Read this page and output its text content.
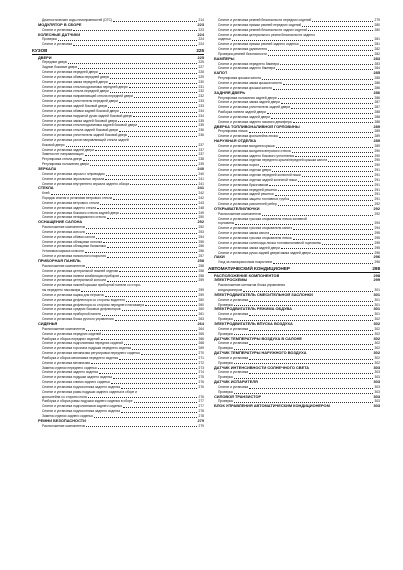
Диагностические коды неисправностей (DTC)	214
МОДУЛЯТОР В СБОРЕ	223
Снятие и установка	223
КОЛЕСНЫЕ ДАТЧИКИ	224
Проверка	224
Снятие и установка	224
КУЗОВ	225
ДВЕРИ	225
Передние двери	225
Задние боковые двери	227
Снятие и установка передней двери	228
Снятие и установка обивки передней двери	229
Снятие и установка замка передней двери	230
Снятие и установка стеклоподъемника передней двери	231
Снятие и установка стекла передней двери	232
Снятие и установка направляющей стекла передней двери	232
Снятие и установка уплотнителя передней двери	233
Снятие и установка задней боковой двери	233
Снятие и установка обивки задней боковой двери	234
Снятие и установка наружной ручки задней боковой двери	234
Снятие и установка замка задней боковой двери	235
Снятие и установка стеклоподъемника задней боковой двери	235
Снятие и установка стекла задней боковой двери	236
Снятие и установка уплотнителя задней боковой двери	236
Снятие и установка узлов направляющей стекла задней
боковой двери	237
Снятие и установка задней двери	237
Замена нет направляющих	237
Регулировка стекла двери	238
Регулировка положения двери	239
ЗЕРКАЛА	240
Снятие и установка зеркал с э/приводом	240
Снятие и установка зеркальных зеркала	241
Снятие и установка внутреннего зеркала заднего обзора	241
СТЕКЛА	241
Клей	242
Порядок снятия и установки ветрового стекла	242
Снятие и установка ветрового стекла	243
Снятие и установка заднего стекла	248
Снятие и установка бокового стекла задней двери	249
Снятие и установка неподвижного стекла	250
ОСНАЩЕНИЕ САЛОНА	252
Расположение компонентов	252
Снятие и установка консоли	253
Снятие и установка обивок салона	254
Снятие и установка облицовки потолка	255
Снятие и установка облицовки багажника	256
Установка каркаса консоли	256
Снятие и установка напольного покрытия	257
ПРИБОРНАЯ ПАНЕЛЬ	258
Расположение компонентов	258
Снятие и установка центральной нижней отделки	258
Снятие и установка панели комбинации приборов	258
Снятие и установка центральной консоли	259
Снятие и установка нижней крышки приборной панели со сторо-
ны переднего пассажира	259
Снятие и установка ящика для перчаток	259
Снятие и установка дефлектора со стороны водителя	260
Снятие и установка дефлектора со стороны переднего пассажира	260
Снятие и установка средних боковых дефлекторов	260
Снятие и установка приборной панели	261
Снятие и установка блока ручного управления	263
СИДЕНЬЯ	264
Расположение компонентов	264
Снятие и установка передних сидений	265
Разборка и сборка передних сидений	266
Снятие и установка подголовника передних сидений	268
Снятие и установка торсиона подушки переднего сиденья	269
Снятие и установка механизма регулировки переднего сиденья	270
Разборка и сборка механизма переднего сиденья	271
Снятие и установка механизма	272
Замена отделки переднего сиденья	273
Снятие и установка заднего сиденья	274
Снятие и установка подушки заднего сиденья	275
Снятие и установка спинки заднего сиденья	276
Снятие и установка подлокотника заднего сиденья	276
Снятие и установка рамы подушки заднего сиденья в сборе и
кронштейна со стороны пола	276
Разборка и сборка рамы подушки заднего сиденья в сборе	277
Снятие и установка подголовников заднего сиденья	277
Снятие и установка подлокотника заднего сиденья	278
Замена отделки заднего сиденья	278
РЕМНИ БЕЗОПАСНОСТИ	279
Расположение компонентов	279
Снятие и установка ремней безопасности передних сидений	279
Снятие и установка пряжки ремней передних сидений	280
Снятие и установка ремней безопасности задних сидений	280
Снятие и установка центрального ремня безопасности заднего
сиденья	281
Снятие и установка пряжки ремней заднего сиденья	281
Снятие и установка удлинителя	282
Проверка ремней безопасности	282
БАМПЕРЫ	283
Снятие и установка переднего бампера	283
Снятие и установка заднего бампера	284
КАПОТ	285
Регулировка крышки капота	285
Снятие и установка замка крышки капота	286
Снятие и установка крышки капота	286
ЗАДНЯЯ ДВЕРЬ	286
Регулировка положения задней двери	286
Снятие и установка замка задней двери	287
Снятие и установка уплотнителя задней двери	287
Разборка панели задней двери	288
Снятие и установка задней двери	288
Снятие и установка заднего газового демпфера	288
ДВЕРКА ТОПЛИВОНАЛИВНОЙ ГОРЛОВИНЫ	289
Регулировка лючка	289
Снятие и установка кронштейна лючка	289
НАРУЖНАЯ ОТДЕЛКА	289
Снятие и установка молдинга крыши	289
Снятие и установка молдинга ветрового стекла	290
Снятие и установка заднего бокового уплотнения	290
Снятие и установка отделки переднего крыла/передней крышки капота	290
Снятие и установка порога	290
Снятие и установка отделки двери	291
Снятие и установка отделки передней колесной ниши	291
Снятие и установка отделки задней колесной ниши	291
Снятие и установка брызговиков	291
Снятие и установка передней решетки	291
Снятие и установка задней решетки	291
Снятие и установка защиты топливных трубок	291
Снятие и установка усилителей ребер	292
ОТКРЫВАТЕЛИ/ЛЮЧКИ	292
Расположение компонентов	292
Снятие и установка тросика открывателя лючка заливной
горловины	294
Снятие и установка тросика открывателя капота	294
Снятие и установка замка капота	295
Снятие и установка тросика открывателя лючка	295
Снятие и установка соленоида лючка топливоналивной горловины	295
Снятие и установка замка задней двери	295
Снятие и установка ручки задней двери/замка задней двери	296
ЛАКИ	296
Уход за лакокрасочным покрытием	296
АВТОМАТИЧЕСКИЙ КОНДИЦИОНЕР	298
РАСПОЛОЖЕНИЕ КОМПОНЕНТОВ	298
ЭЛЕКТРОСХЕМЫ	299
Расположение контактов блока управления
кондиционером	301
ЭЛЕКТРОДВИГАТЕЛЬ СМЕСИТЕЛЬНОЙ ЗАСЛОНКИ	301
Снятие и установка	301
Проверка	301
ЭЛЕКТРОДВИГАТЕЛЬ РЕЖИМА ОБДУВА	301
Снятие и установка	301
Проверка	302
ЭЛЕКТРОДВИГАТЕЛЬ ВПУСКА ВОЗДУХА	302
Снятие и установка	302
Проверка	302
ДАТЧИК ТЕМПЕРАТУРЫ ВОЗДУХА В САЛОНЕ	302
Снятие и установка	302
Проверка	302
ДАТЧИК ТЕМПЕРАТУРЫ НАРУЖНОГО ВОЗДУХА	302
Снятие и установка	302
Проверка	302
ДАТЧИК ИНТЕНСИВНОСТИ СОЛНЕЧНОГО СВЕТА	303
Снятие и установка	303
Проверка	303
ДАТЧИК ИСПАРИТЕЛЯ	303
Снятие и установка	303
Проверка	303
СИЛОВОЙ ТРАНЗИСТОР	303
Проверка	303
БЛОК УПРАВЛЕНИЯ АВТОМАТИЧЕСКИМ КОНДИЦИОНЕРОМ	303
